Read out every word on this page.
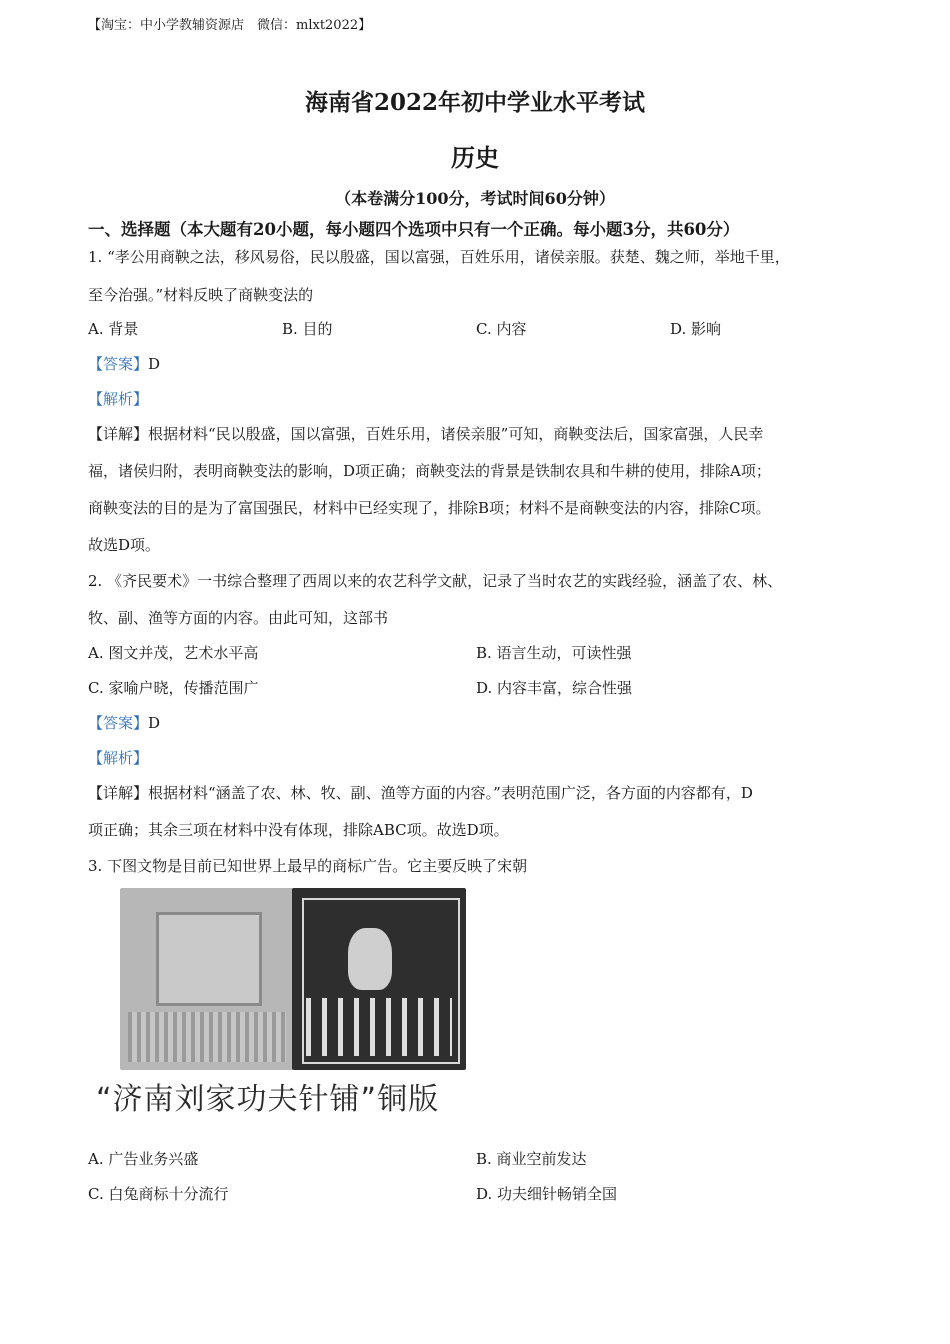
【淘宝：中小学教辅资源店　微信：mlxt2022】
海南省2022年初中学业水平考试
历史
（本卷满分100分，考试时间60分钟）
一、选择题（本大题有20小题，每小题四个选项中只有一个正确。每小题3分，共60分）
1. “孝公用商鞅之法，移风易俗，民以殷盛，国以富强，百姓乐用，诸侯亲服。获楚、魏之师，举地千里，
至今治强。”材料反映了商鞅变法的
A. 背景	B. 目的	C. 内容	D. 影响
【答案】D
【解析】
【详解】根据材料“民以殷盛，国以富强，百姓乐用，诸侯亲服”可知，商鞅变法后，国家富强，人民幸
福，诸侯归附，表明商鞅变法的影响，D项正确；商鞅变法的背景是铁制农具和牛耕的使用，排除A项；
商鞅变法的目的是为了富国强民，材料中已经实现了，排除B项；材料不是商鞅变法的内容，排除C项。
故选D项。
2. 《齐民要术》一书综合整理了西周以来的农艺科学文献，记录了当时农艺的实践经验，涵盖了农、林、
牧、副、渔等方面的内容。由此可知，这部书
A. 图文并茂，艺术水平高	B. 语言生动，可读性强
C. 家喻户晓，传播范围广	D. 内容丰富，综合性强
【答案】D
【解析】
【详解】根据材料“涵盖了农、林、牧、副、渔等方面的内容。”表明范围广泛，各方面的内容都有，D
项正确；其余三项在材料中没有体现，排除ABC项。故选D项。
3. 下图文物是目前已知世界上最早的商标广告。它主要反映了宋朝
“济南刘家功夫针铺”铜版
A. 广告业务兴盛	B. 商业空前发达
C. 白兔商标十分流行	D. 功夫细针畅销全国
